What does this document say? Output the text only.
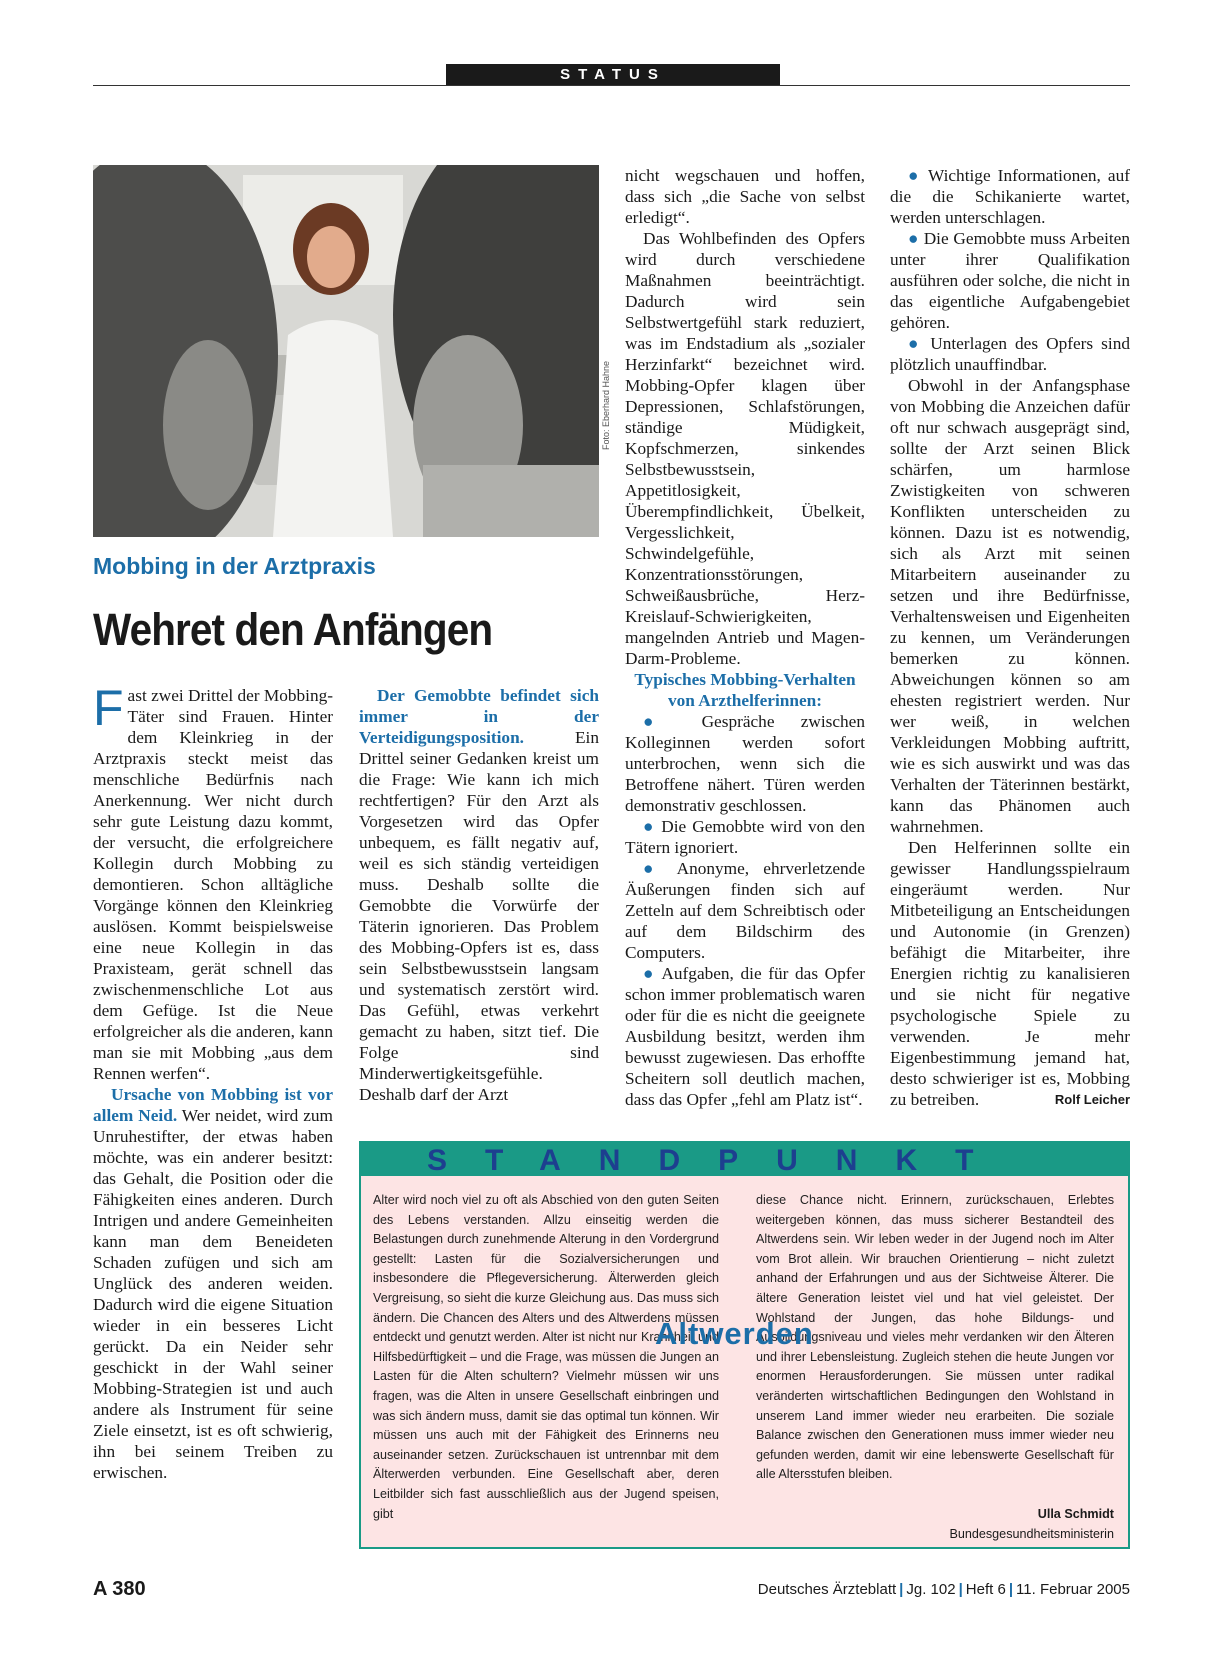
STATUS
Foto: Eberhard Hahne
Mobbing in der Arztpraxis
Wehret den Anfängen

Fast zwei Drittel der Mobbing-Täter sind Frauen. Hinter dem Kleinkrieg in der Arztpraxis steckt meist das menschliche Bedürfnis nach Anerkennung. Wer nicht durch sehr gute Leistung dazu kommt, der versucht, die erfolgreichere Kollegin durch Mobbing zu demontieren. Schon alltägliche Vorgänge können den Kleinkrieg auslösen. Kommt beispielsweise eine neue Kollegin in das Praxisteam, gerät schnell das zwischenmenschliche Lot aus dem Gefüge. Ist die Neue erfolgreicher als die anderen, kann man sie mit Mobbing „aus dem Rennen werfen“.

Ursache von Mobbing ist vor allem Neid. Wer neidet, wird zum Unruhestifter, der etwas haben möchte, was ein anderer besitzt: das Gehalt, die Position oder die Fähigkeiten eines anderen. Durch Intrigen und andere Gemeinheiten kann man dem Beneideten Schaden zufügen und sich am Unglück des anderen weiden. Dadurch wird die eigene Situation wieder in ein besseres Licht gerückt. Da ein Neider sehr geschickt in der Wahl seiner Mobbing-Strategien ist und auch andere als Instrument für seine Ziele einsetzt, ist es oft schwierig, ihn bei seinem Treiben zu erwischen.

Der Gemobbte befindet sich immer in der Verteidigungsposition. Ein Drittel seiner Gedanken kreist um die Frage: Wie kann ich mich rechtfertigen? Für den Arzt als Vorgesetzen wird das Opfer unbequem, es fällt negativ auf, weil es sich ständig verteidigen muss. Deshalb sollte die Gemobbte die Vorwürfe der Täterin ignorieren. Das Problem des Mobbing-Opfers ist es, dass sein Selbstbewusstsein langsam und systematisch zerstört wird. Das Gefühl, etwas verkehrt gemacht zu haben, sitzt tief. Die Folge sind Minderwertigkeitsgefühle. Deshalb darf der Arzt

nicht wegschauen und hoffen, dass sich „die Sache von selbst erledigt“.

Das Wohlbefinden des Opfers wird durch verschiedene Maßnahmen beeinträchtigt. Dadurch wird sein Selbstwertgefühl stark reduziert, was im Endstadium als „sozialer Herzinfarkt“ bezeichnet wird. Mobbing-Opfer klagen über Depressionen, Schlafstörungen, ständige Müdigkeit, Kopfschmerzen, sinkendes Selbstbewusstsein, Appetitlosigkeit, Überempfindlichkeit, Übelkeit, Vergesslichkeit, Schwindelgefühle, Konzentrationsstörungen, Schweißausbrüche, Herz-Kreislauf-Schwierigkeiten, mangelnden Antrieb und Magen-Darm-Probleme.

Typisches Mobbing-Verhalten von Arzthelferinnen:

● Gespräche zwischen Kolleginnen werden sofort unterbrochen, wenn sich die Betroffene nähert. Türen werden demonstrativ geschlossen.

● Die Gemobbte wird von den Tätern ignoriert.

● Anonyme, ehrverletzende Äußerungen finden sich auf Zetteln auf dem Schreibtisch oder auf dem Bildschirm des Computers.

● Aufgaben, die für das Opfer schon immer problematisch waren oder für die es nicht die geeignete Ausbildung besitzt, werden ihm bewusst zugewiesen. Das erhoffte Scheitern soll deutlich machen, dass das Opfer „fehl am Platz ist“.

● Wichtige Informationen, auf die die Schikanierte wartet, werden unterschlagen.

● Die Gemobbte muss Arbeiten unter ihrer Qualifikation ausführen oder solche, die nicht in das eigentliche Aufgabengebiet gehören.

● Unterlagen des Opfers sind plötzlich unauffindbar.

Obwohl in der Anfangsphase von Mobbing die Anzeichen dafür oft nur schwach ausgeprägt sind, sollte der Arzt seinen Blick schärfen, um harmlose Zwistigkeiten von schweren Konflikten unterscheiden zu können. Dazu ist es notwendig, sich als Arzt mit seinen Mitarbeitern auseinander zu setzen und ihre Bedürfnisse, Verhaltensweisen und Eigenheiten zu kennen, um Veränderungen bemerken zu können. Abweichungen können so am ehesten registriert werden. Nur wer weiß, in welchen Verkleidungen Mobbing auftritt, wie es sich auswirkt und was das Verhalten der Täterinnen bestärkt, kann das Phänomen auch wahrnehmen.

Den Helferinnen sollte ein gewisser Handlungsspielraum eingeräumt werden. Nur Mitbeteiligung an Entscheidungen und Autonomie (in Grenzen) befähigt die Mitarbeiter, ihre Energien richtig zu kanalisieren und sie nicht für negative psychologische Spiele zu verwenden. Je mehr Eigenbestimmung jemand hat, desto schwieriger ist es, Mobbing zu betreiben.	Rolf Leicher

STANDPUNKT

Alter wird noch viel zu oft als Abschied von den guten Seiten des Lebens verstanden. Allzu einseitig werden die Belastungen durch zunehmende Alterung in den Vordergrund gestellt: Lasten für die Sozialversicherungen und insbesondere die Pflegeversicherung. Älterwerden gleich Vergreisung, so sieht die kurze Gleichung aus. Das muss sich ändern. Die Chancen des Alters und des Altwerdens müssen entdeckt und genutzt werden. Alter ist nicht nur Krankheit und Hilfsbedürftigkeit – und die Frage, was müssen die Jungen an Lasten für die Alten schultern? Vielmehr müssen wir uns fragen, was die Alten in unsere Gesellschaft einbringen und was sich ändern muss, damit sie das optimal tun können. Wir müssen uns auch mit der Fähigkeit des Erinnerns neu auseinander setzen. Zurückschauen ist untrennbar mit dem Älterwerden verbunden. Eine Gesellschaft aber, deren Leitbilder sich fast ausschließlich aus der Jugend speisen, gibt

diese Chance nicht. Erinnern, zurückschauen, Erlebtes weitergeben können, das muss sicherer Bestandteil des Altwerdens sein. Wir leben weder in der Jugend noch im Alter vom Brot allein. Wir brauchen Orientierung – nicht zuletzt anhand der Erfahrungen und aus der Sichtweise Älterer. Die ältere Generation leistet viel und hat viel geleistet. Der Wohlstand der Jungen, das hohe Bildungs- und Ausbildungsniveau und vieles mehr verdanken wir den Älteren und ihrer Lebensleistung. Zugleich stehen die heute Jungen vor enormen Herausforderungen. Sie müssen unter radikal veränderten wirtschaftlichen Bedingungen den Wohlstand in unserem Land immer wieder neu erarbeiten. Die soziale Balance zwischen den Generationen muss immer wieder neu gefunden werden, damit wir eine lebenswerte Gesellschaft für alle Altersstufen bleiben.

Altwerden
Ulla Schmidt
Bundesgesundheitsministerin
A 380	Deutsches Ärzteblatt | Jg. 102 | Heft 6 | 11. Februar 2005
